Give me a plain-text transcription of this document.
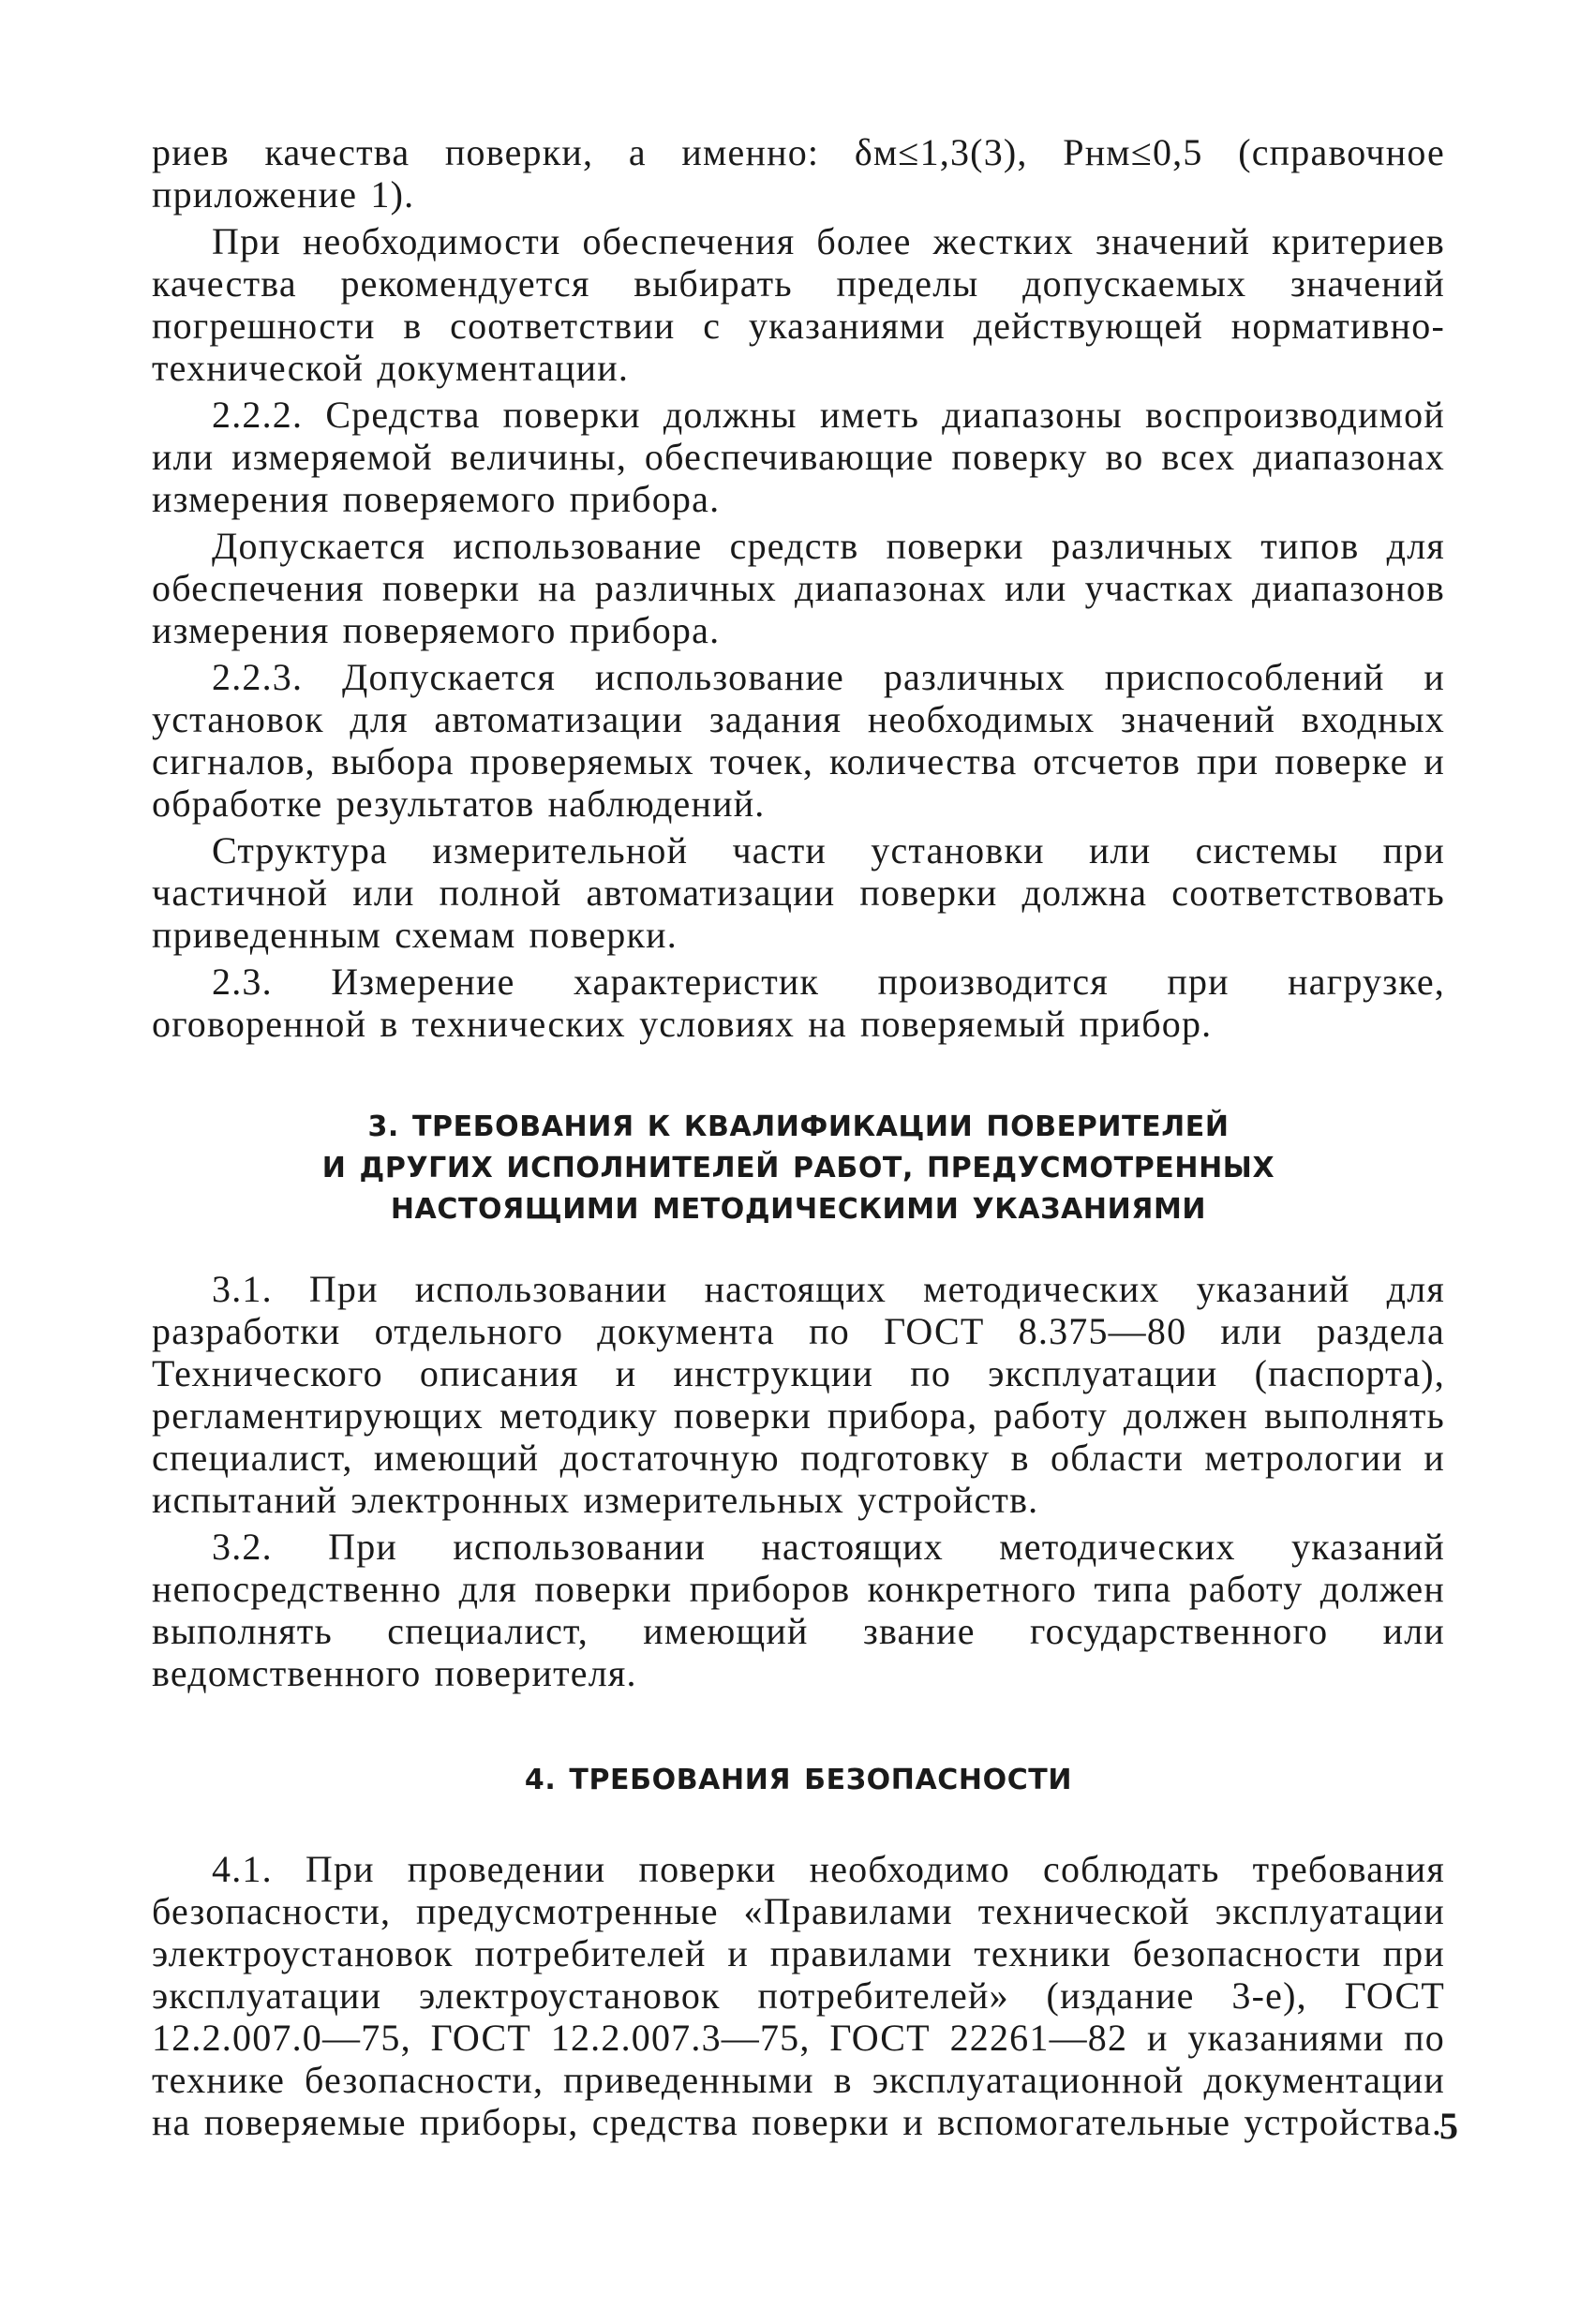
риев качества поверки, а именно: δм≤1,3(3), Pнм≤0,5 (справочное приложение 1).

При необходимости обеспечения более жестких значений критериев качества рекомендуется выбирать пределы допускаемых значений погрешности в соответствии с указаниями действующей нормативно-технической документации.

2.2.2. Средства поверки должны иметь диапазоны воспроизводимой или измеряемой величины, обеспечивающие поверку во всех диапазонах измерения поверяемого прибора.

Допускается использование средств поверки различных типов для обеспечения поверки на различных диапазонах или участках диапазонов измерения поверяемого прибора.

2.2.3. Допускается использование различных приспособлений и установок для автоматизации задания необходимых значений входных сигналов, выбора проверяемых точек, количества отсчетов при поверке и обработке результатов наблюдений.

Структура измерительной части установки или системы при частичной или полной автоматизации поверки должна соответствовать приведенным схемам поверки.

2.3. Измерение характеристик производится при нагрузке, оговоренной в технических условиях на поверяемый прибор.

3. ТРЕБОВАНИЯ К КВАЛИФИКАЦИИ ПОВЕРИТЕЛЕЙ

И ДРУГИХ ИСПОЛНИТЕЛЕЙ РАБОТ, ПРЕДУСМОТРЕННЫХ

НАСТОЯЩИМИ МЕТОДИЧЕСКИМИ УКАЗАНИЯМИ

3.1. При использовании настоящих методических указаний для разработки отдельного документа по ГОСТ 8.375—80 или раздела Технического описания и инструкции по эксплуатации (паспорта), регламентирующих методику поверки прибора, работу должен выполнять специалист, имеющий достаточную подготовку в области метрологии и испытаний электронных измерительных устройств.

3.2. При использовании настоящих методических указаний непосредственно для поверки приборов конкретного типа работу должен выполнять специалист, имеющий звание государственного или ведомственного поверителя.

4. ТРЕБОВАНИЯ БЕЗОПАСНОСТИ

4.1. При проведении поверки необходимо соблюдать требования безопасности, предусмотренные «Правилами технической эксплуатации электроустановок потребителей и правилами техники безопасности при эксплуатации электроустановок потребителей» (издание 3-е), ГОСТ 12.2.007.0—75, ГОСТ 12.2.007.3—75, ГОСТ 22261—82 и указаниями по технике безопасности, приведенными в эксплуатационной документации на поверяемые приборы, средства поверки и вспомогательные устройства.

5
